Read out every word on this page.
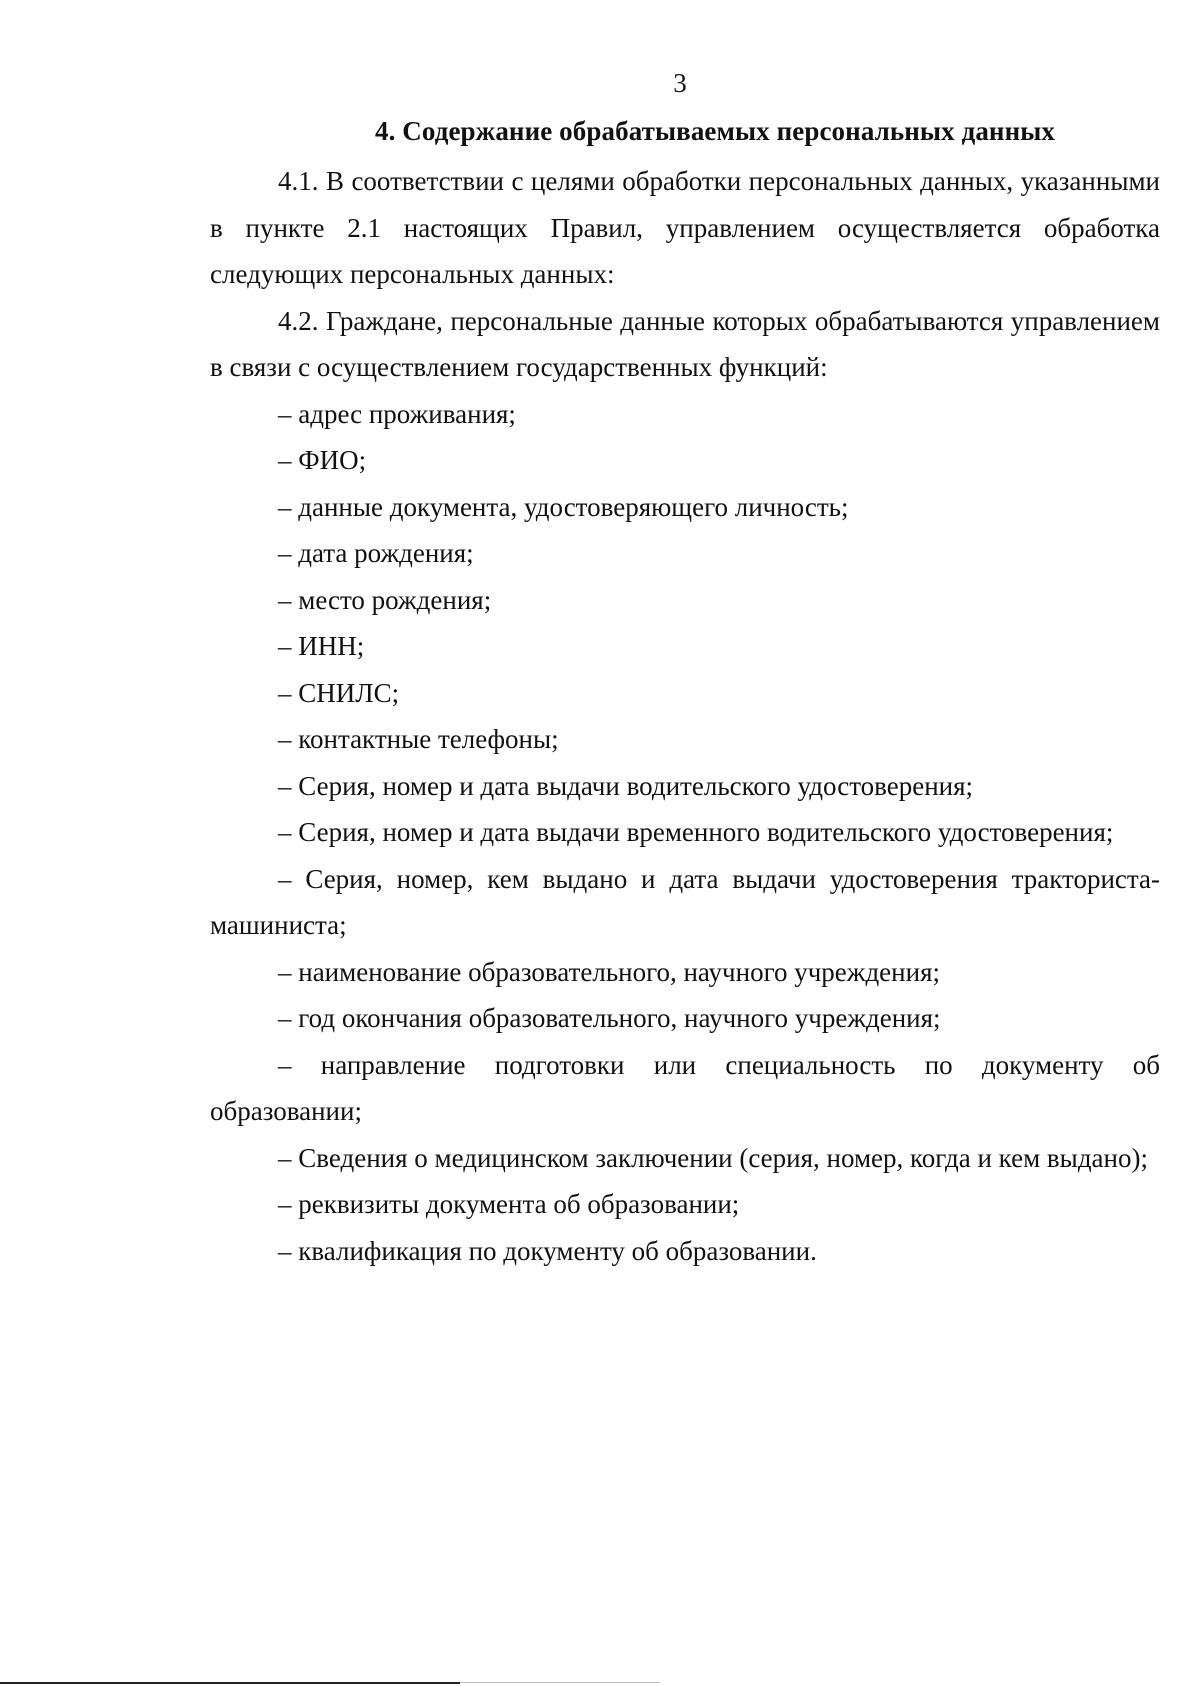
3
4. Содержание обрабатываемых персональных данных

4.1. В соответствии с целями обработки персональных данных, указанными в пункте 2.1 настоящих Правил, управлением осуществляется обработка следующих персональных данных:

4.2. Граждане, персональные данные которых обрабатываются управлением в связи с осуществлением государственных функций:

– адрес проживания;

– ФИО;

– данные документа, удостоверяющего личность;

– дата рождения;

– место рождения;

– ИНН;

– СНИЛС;

– контактные телефоны;

– Серия, номер и дата выдачи водительского удостоверения;

– Серия, номер и дата выдачи временного водительского удостоверения;

– Серия, номер, кем выдано и дата выдачи удостоверения тракториста-машиниста;

– наименование образовательного, научного учреждения;

– год окончания образовательного, научного учреждения;

– направление подготовки или специальность по документу об образовании;

– Сведения о медицинском заключении (серия, номер, когда и кем выдано);

– реквизиты документа об образовании;

– квалификация по документу об образовании.
